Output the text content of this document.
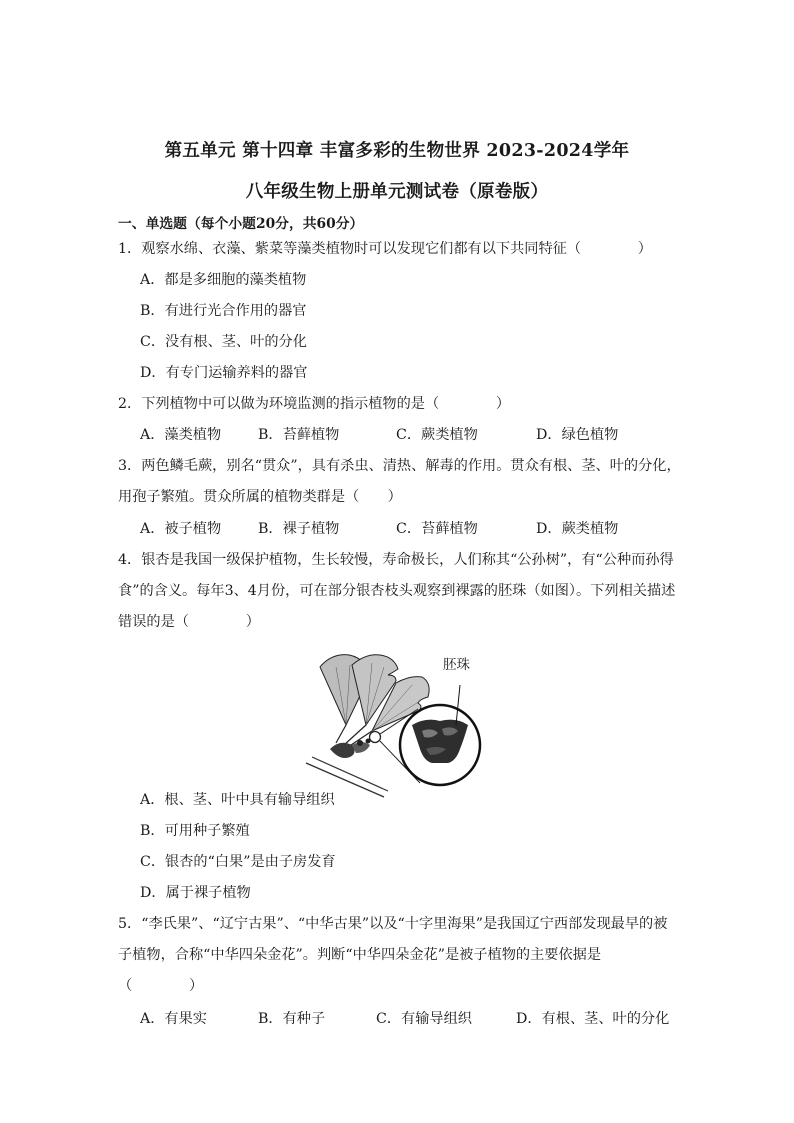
第五单元 第十四章 丰富多彩的生物世界 2023-2024学年
八年级生物上册单元测试卷（原卷版）
一、单选题（每个小题20分，共60分）
1．观察水绵、衣藻、紫菜等藻类植物时可以发现它们都有以下共同特征（　　　　）
A．都是多细胞的藻类植物
B．有进行光合作用的器官
C．没有根、茎、叶的分化
D．有专门运输养料的器官
2．下列植物中可以做为环境监测的指示植物的是（　　　　）
A．藻类植物	B．苔藓植物	C．蕨类植物	D．绿色植物
3．两色鳞毛蕨，别名“贯众”，具有杀虫、清热、解毒的作用。贯众有根、茎、叶的分化，
用孢子繁殖。贯众所属的植物类群是（　　）
A．被子植物	B．裸子植物	C．苔藓植物	D．蕨类植物
4．银杏是我国一级保护植物，生长较慢，寿命极长，人们称其“公孙树”，有“公种而孙得
食”的含义。每年3、4月份，可在部分银杏枝头观察到裸露的胚珠（如图）。下列相关描述
错误的是（　　　　）
胚珠
A．根、茎、叶中具有输导组织
B．可用种子繁殖
C．银杏的“白果”是由子房发育
D．属于裸子植物
5．“李氏果”、“辽宁古果”、“中华古果”以及“十字里海果”是我国辽宁西部发现最早的被
子植物，合称“中华四朵金花”。判断“中华四朵金花”是被子植物的主要依据是
（　　　　）
A．有果实	B．有种子	C．有输导组织	D．有根、茎、叶的分化
